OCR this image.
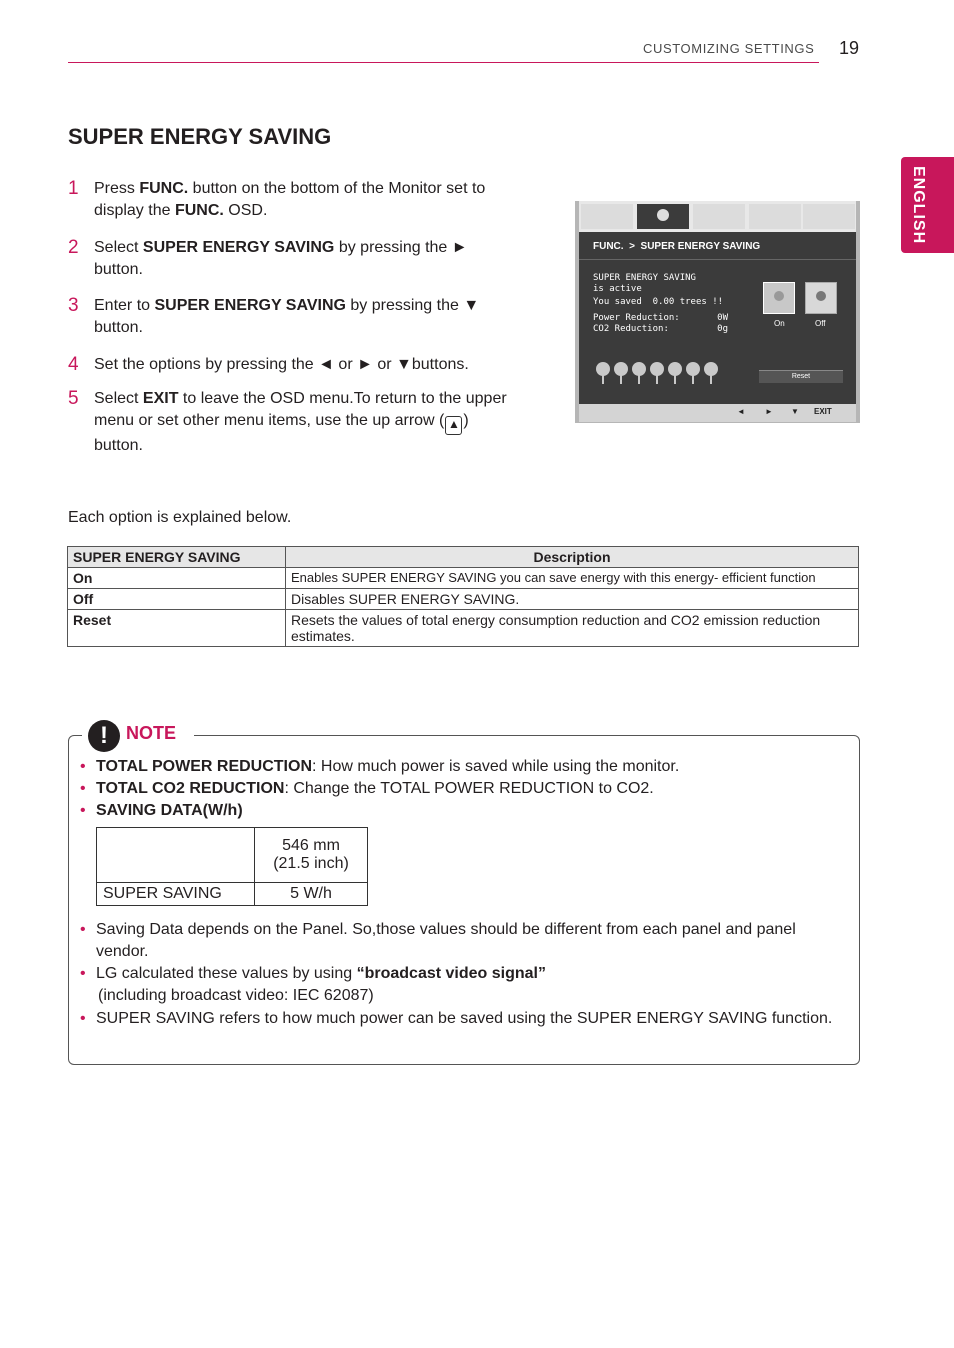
CUSTOMIZING SETTINGS 19
ENGLISH
SUPER ENERGY SAVING
1 Press FUNC. button on the bottom of the Monitor set to display the FUNC. OSD.
2 Select SUPER ENERGY SAVING by pressing the ► button.
3 Enter to SUPER ENERGY SAVING by pressing the ▼ button.
4 Set the options by pressing the ◄ or ► or ▼buttons.
5 Select EXIT to leave the OSD menu.To return to the upper menu or set other menu items, use the up arrow ( ▲ ) button.
FUNC. > SUPER ENERGY SAVING
SUPER ENERGY SAVING
is active
You saved 0.00 trees !!
Power Reduction:	0W
CO2 Reduction:	0g
On	Off
Reset
◄	► ▼ EXIT
Each option is explained below.
SUPER ENERGY SAVING	Description
On	Enables SUPER ENERGY SAVING you can save energy with this energy- efficient function
Off	Disables SUPER ENERGY SAVING.
Reset	Resets the values of total energy consumption reduction and CO2 emission reduction estimates.
!	NOTE
• TOTAL POWER REDUCTION: How much power is saved while using the monitor.
• TOTAL CO2 REDUCTION: Change the TOTAL POWER REDUCTION to CO2.
• SAVING DATA(W/h)

	546 mm
(21.5 inch)

SUPER SAVING	5 W/h
• Saving Data depends on the Panel. So,those values should be different from each panel and panel vendor.
• LG calculated these values by using “broadcast video signal”
(including broadcast video: IEC 62087)
• SUPER SAVING refers to how much power can be saved using the SUPER ENERGY SAVING function.
